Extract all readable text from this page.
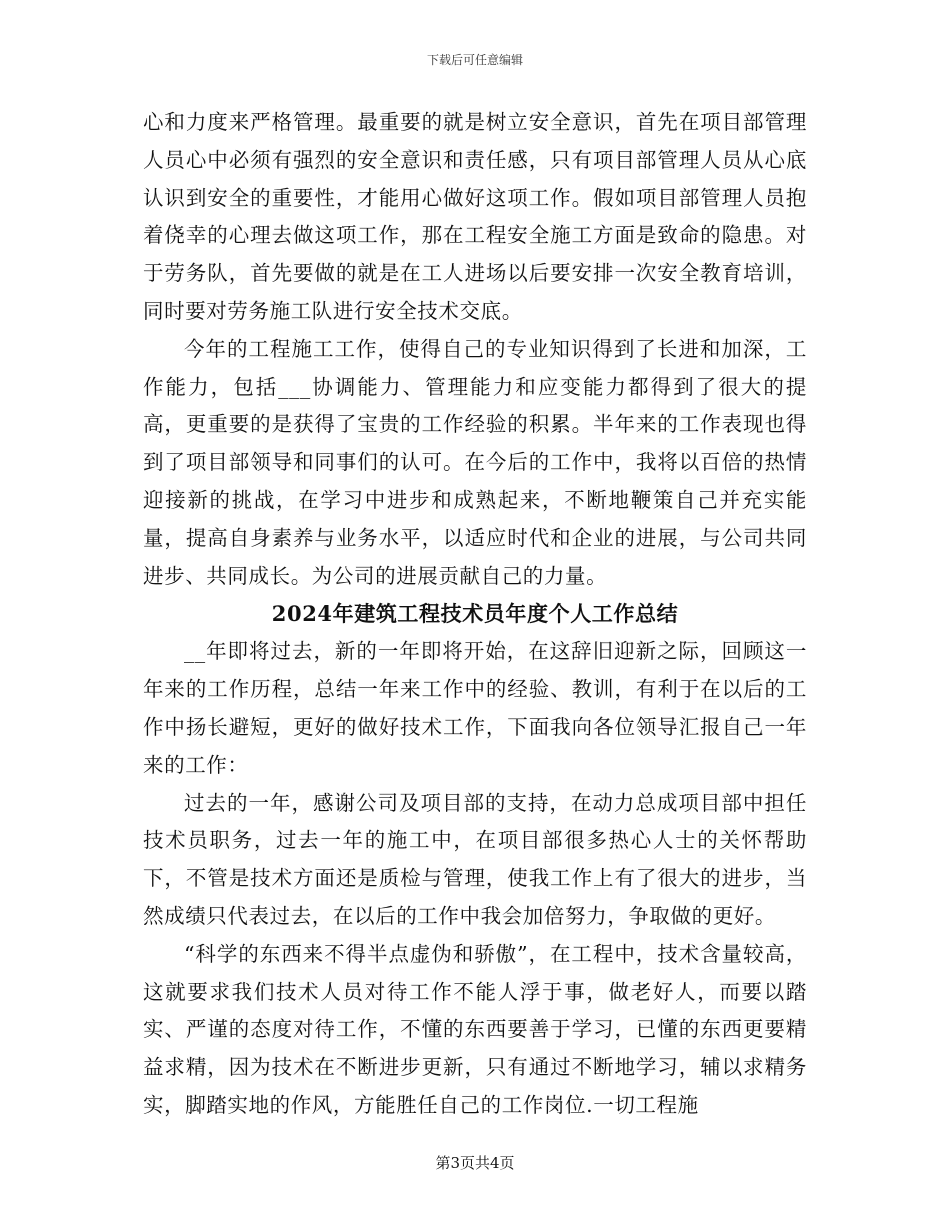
下载后可任意编辑

心和力度来严格管理。最重要的就是树立安全意识，首先在项目部管理人员心中必须有强烈的安全意识和责任感，只有项目部管理人员从心底认识到安全的重要性，才能用心做好这项工作。假如项目部管理人员抱着侥幸的心理去做这项工作，那在工程安全施工方面是致命的隐患。对于劳务队，首先要做的就是在工人进场以后要安排一次安全教育培训，同时要对劳务施工队进行安全技术交底。

今年的工程施工工作，使得自己的专业知识得到了长进和加深，工作能力，包括___协调能力、管理能力和应变能力都得到了很大的提高，更重要的是获得了宝贵的工作经验的积累。半年来的工作表现也得到了项目部领导和同事们的认可。在今后的工作中，我将以百倍的热情迎接新的挑战，在学习中进步和成熟起来，不断地鞭策自己并充实能量，提高自身素养与业务水平，以适应时代和企业的进展，与公司共同进步、共同成长。为公司的进展贡献自己的力量。

2024年建筑工程技术员年度个人工作总结

__年即将过去，新的一年即将开始，在这辞旧迎新之际，回顾这一年来的工作历程，总结一年来工作中的经验、教训，有利于在以后的工作中扬长避短，更好的做好技术工作，下面我向各位领导汇报自己一年来的工作：

过去的一年，感谢公司及项目部的支持，在动力总成项目部中担任技术员职务，过去一年的施工中，在项目部很多热心人士的关怀帮助下，不管是技术方面还是质检与管理，使我工作上有了很大的进步，当然成绩只代表过去，在以后的工作中我会加倍努力，争取做的更好。

“科学的东西来不得半点虚伪和骄傲”，在工程中，技术含量较高，这就要求我们技术人员对待工作不能人浮于事，做老好人，而要以踏实、严谨的态度对待工作，不懂的东西要善于学习，已懂的东西更要精益求精，因为技术在不断进步更新，只有通过不断地学习，辅以求精务实，脚踏实地的作风，方能胜任自己的工作岗位.一切工程施

第3页共4页
